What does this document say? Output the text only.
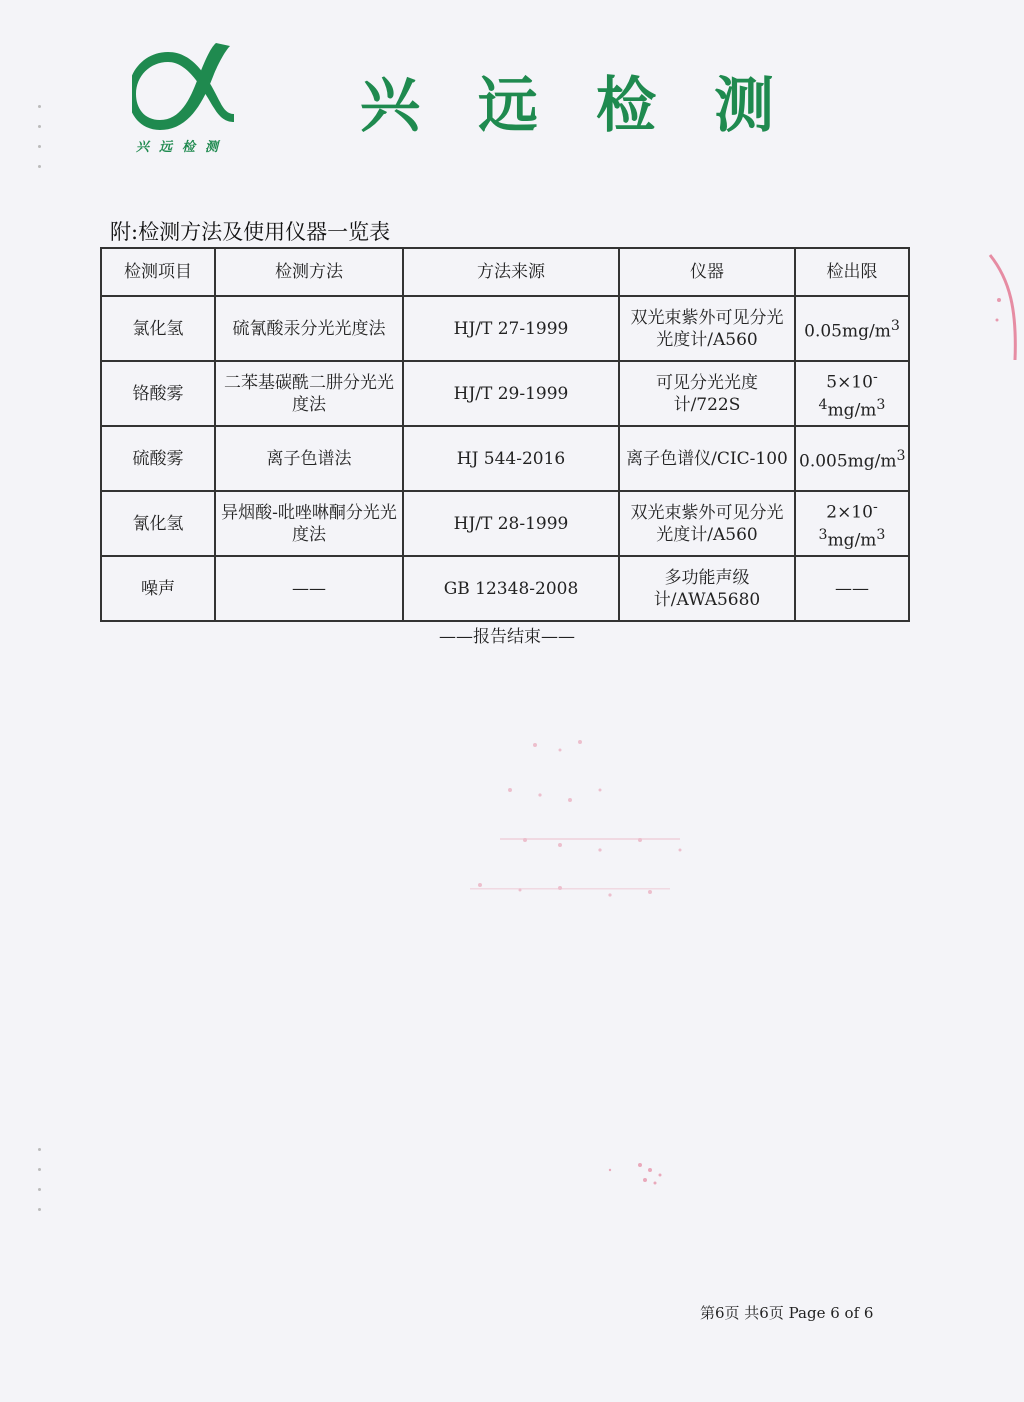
兴远检测
兴远检测
附:检测方法及使用仪器一览表
检测项目	检测方法	方法来源	仪器	检出限
氯化氢	硫氰酸汞分光光度法	HJ/T 27-1999	双光束紫外可见分光光度计/A560	$0.05mg/m^3$
铬酸雾	二苯基碳酰二肼分光光度法	HJ/T 29-1999	可见分光光度计/722S	$5\times 10^{-4}mg/m^3$
硫酸雾	离子色谱法	HJ 544-2016	离子色谱仪/CIC-100	$0.005mg/m^3$
氰化氢	异烟酸-吡唑啉酮分光光度法	HJ/T 28-1999	双光束紫外可见分光光度计/A560	$2\times 10^{-3}mg/m^3$
噪声	——	GB 12348-2008	多功能声级计/AWA5680	——
——报告结束——
第6页 共6页 Page 6 of 6
